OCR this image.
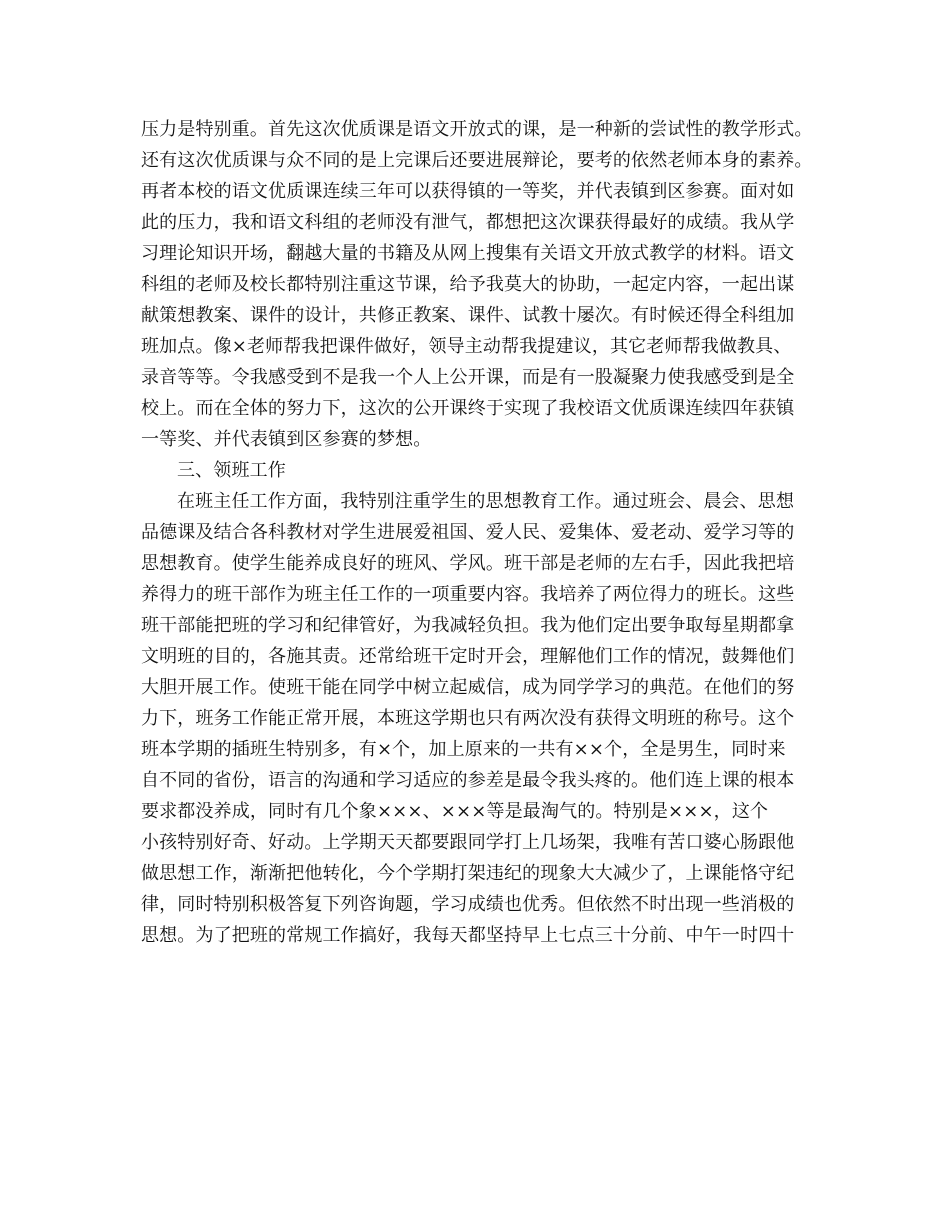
压力是特别重。首先这次优质课是语文开放式的课，是一种新的尝试性的教学形式。
还有这次优质课与众不同的是上完课后还要进展辩论，要考的依然老师本身的素养。
再者本校的语文优质课连续三年可以获得镇的一等奖，并代表镇到区参赛。面对如
此的压力，我和语文科组的老师没有泄气，都想把这次课获得最好的成绩。我从学
习理论知识开场，翻越大量的书籍及从网上搜集有关语文开放式教学的材料。语文
科组的老师及校长都特别注重这节课，给予我莫大的协助，一起定内容，一起出谋
献策想教案、课件的设计，共修正教案、课件、试教十屡次。有时候还得全科组加
班加点。像×老师帮我把课件做好，领导主动帮我提建议，其它老师帮我做教具、
录音等等。令我感受到不是我一个人上公开课，而是有一股凝聚力使我感受到是全
校上。而在全体的努力下，这次的公开课终于实现了我校语文优质课连续四年获镇
一等奖、并代表镇到区参赛的梦想。
三、领班工作
在班主任工作方面，我特别注重学生的思想教育工作。通过班会、晨会、思想
品德课及结合各科教材对学生进展爱祖国、爱人民、爱集体、爱老动、爱学习等的
思想教育。使学生能养成良好的班风、学风。班干部是老师的左右手，因此我把培
养得力的班干部作为班主任工作的一项重要内容。我培养了两位得力的班长。这些
班干部能把班的学习和纪律管好，为我减轻负担。我为他们定出要争取每星期都拿
文明班的目的，各施其责。还常给班干定时开会，理解他们工作的情况，鼓舞他们
大胆开展工作。使班干能在同学中树立起威信，成为同学学习的典范。在他们的努
力下，班务工作能正常开展，本班这学期也只有两次没有获得文明班的称号。这个
班本学期的插班生特别多，有×个，加上原来的一共有××个，全是男生，同时来
自不同的省份，语言的沟通和学习适应的参差是最令我头疼的。他们连上课的根本
要求都没养成，同时有几个象×××、×××等是最淘气的。特别是×××，这个
小孩特别好奇、好动。上学期天天都要跟同学打上几场架，我唯有苦口婆心肠跟他
做思想工作，渐渐把他转化，今个学期打架违纪的现象大大减少了，上课能恪守纪
律，同时特别积极答复下列咨询题，学习成绩也优秀。但依然不时出现一些消极的
思想。为了把班的常规工作搞好，我每天都坚持早上七点三十分前、中午一时四十
